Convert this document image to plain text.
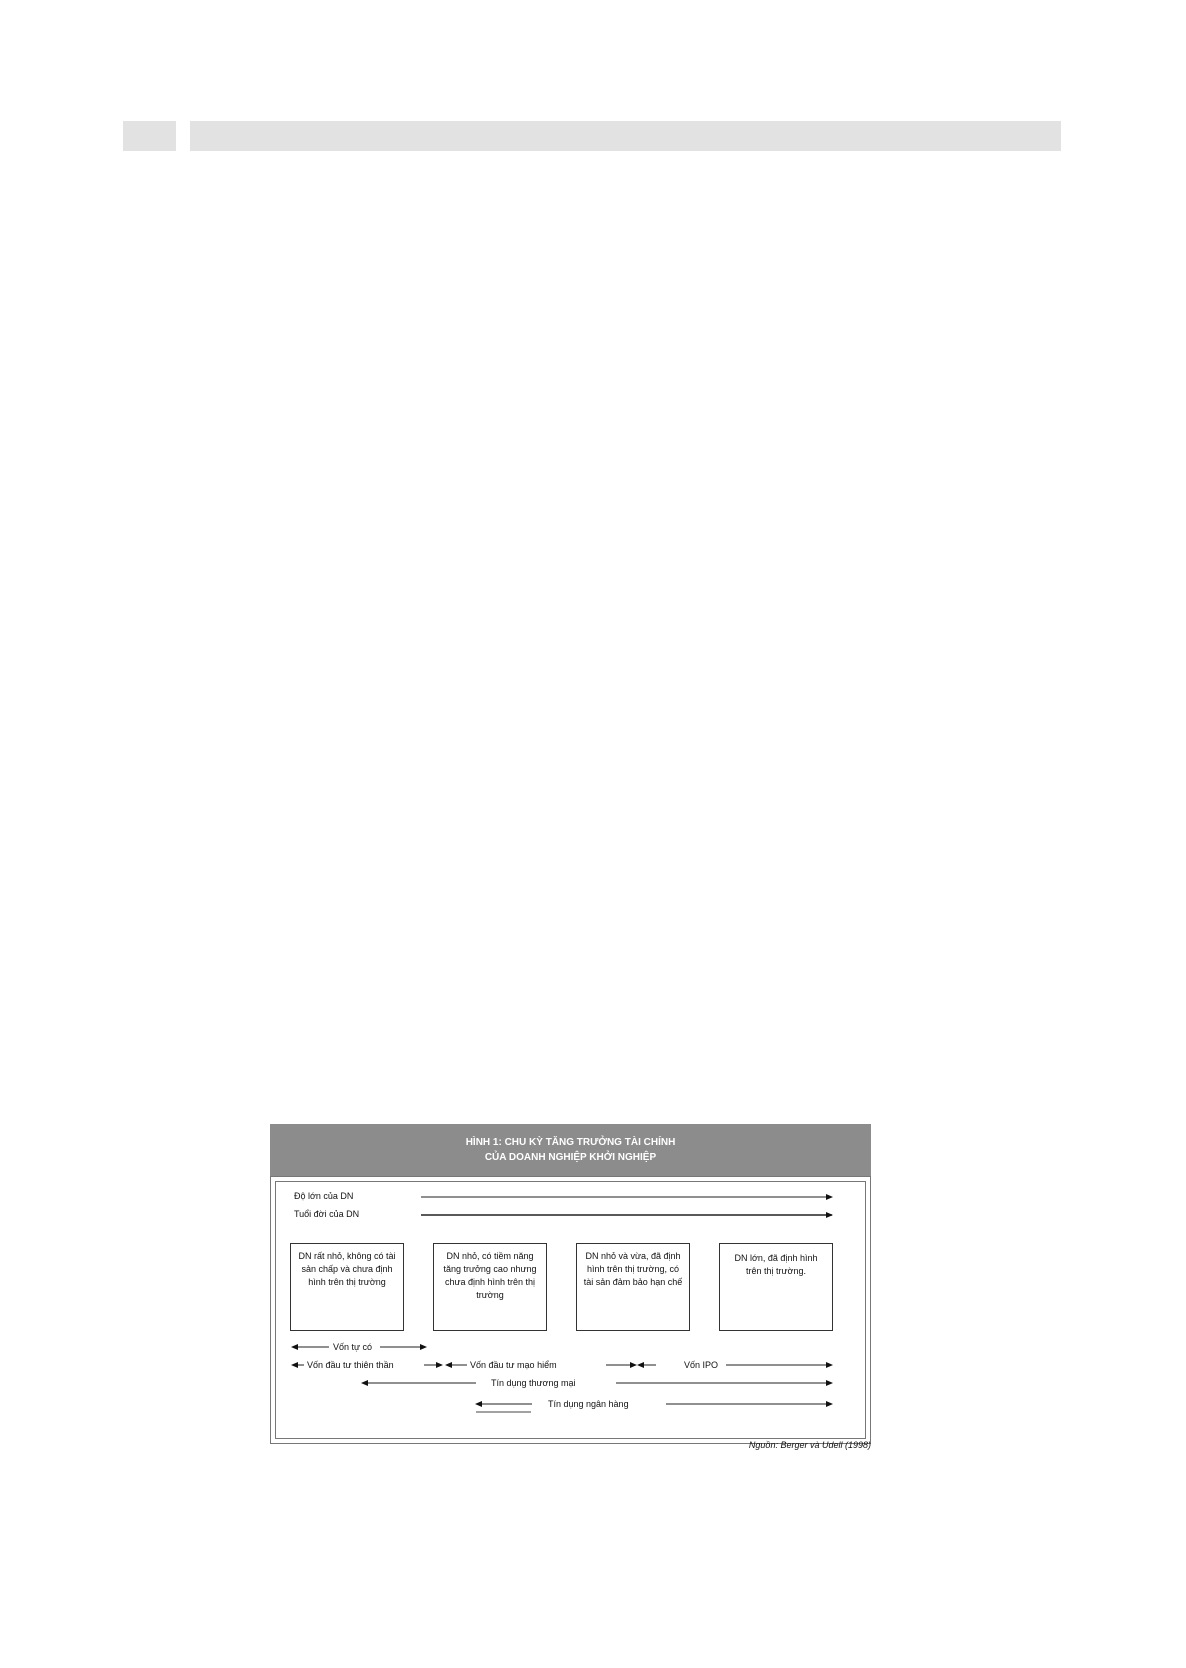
HÌNH 1: CHU KỲ TĂNG TRƯỞNG TÀI CHÍNH
CỦA DOANH NGHIỆP KHỞI NGHIỆP
Độ lớn của DN
Tuổi đời của DN
DN rất nhỏ, không có tài sản chấp và chưa định hình trên thị trường
DN nhỏ, có tiềm năng tăng trưởng cao nhưng chưa định hình trên thị trường
DN nhỏ và vừa, đã định hình trên thị trường, có tài sản đảm bảo hạn chế
DN lớn, đã định hình trên thị trường.
Vốn tự có
Vốn đầu tư thiên thần	Vốn đầu tư mạo hiểm	Vốn IPO
Tín dụng thương mại
Tín dụng ngân hàng
Nguồn: Berger và Udell (1998)
